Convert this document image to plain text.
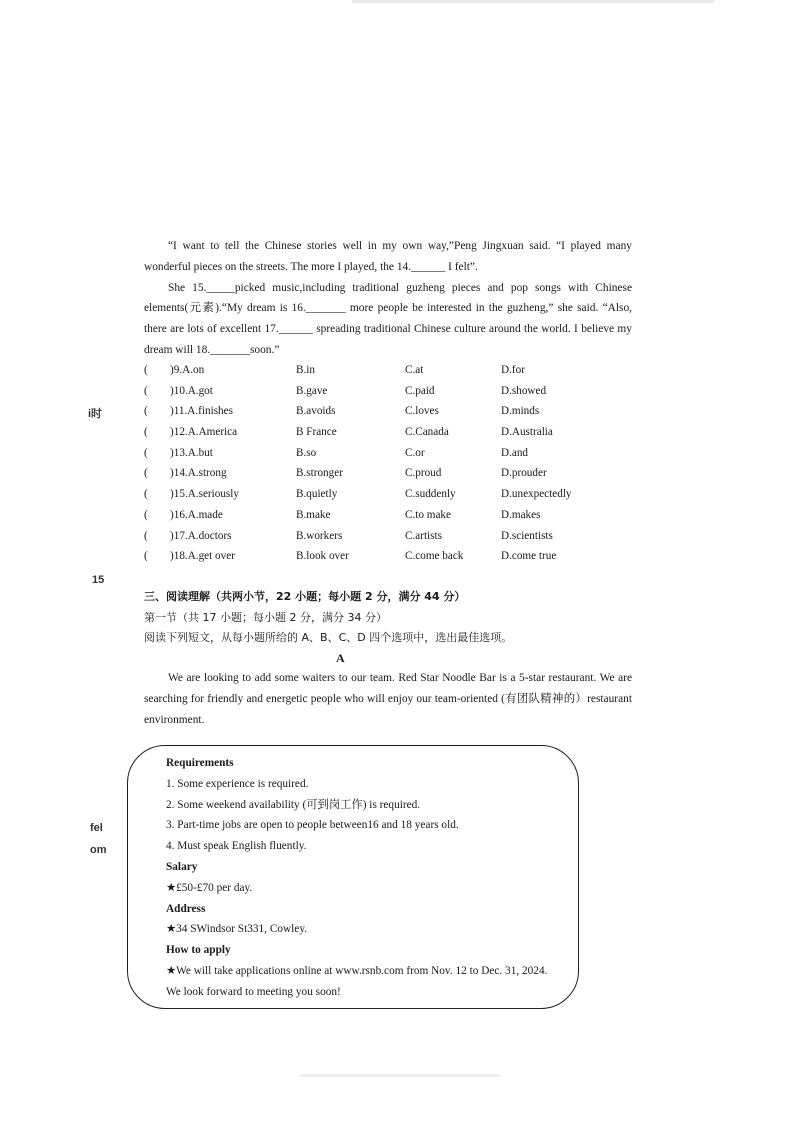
i时
15
fel
om

“I want to tell the Chinese stories well in my own way,”Peng Jingxuan said. “I played many wonderful pieces on the streets. The more I played, the 14.______ I felt”.

She 15._____picked music,including traditional guzheng pieces and pop songs with Chinese elements(元素).“My dream is 16._______ more people be interested in the guzheng,” she said. “Also, there are lots of excellent 17.______ spreading traditional Chinese culture around the world. I believe my dream will 18._______soon.”

( )9.A.on	B.in	C.at	D.for
( )10.A.got	B.gave	C.paid	D.showed
( )11.A.finishes	B.avoids	C.loves	D.minds
( )12.A.America	B France	C.Canada	D.Australia
( )13.A.but	B.so	C.or	D.and
( )14.A.strong	B.stronger	C.proud	D.prouder
( )15.A.seriously	B.quietly	C.suddenly	D.unexpectedly
( )16.A.made	B.make	C.to make	D.makes
( )17.A.doctors	B.workers	C.artists	D.scientists
( )18.A.get over	B.look over	C.come back	D.come true
三、阅读理解（共两小节，22 小题；每小题 2 分，满分 44 分）
第一节（共 17 小题；每小题 2 分，满分 34 分）
阅读下列短文，从每小题所给的 A、B、C、D 四个选项中，选出最佳选项。
A

We are looking to add some waiters to our team. Red Star Noodle Bar is a 5-star restaurant. We are searching for friendly and energetic people who will enjoy our team-oriented (有团队精神的）restaurant environment.

Requirements
1. Some experience is required.
2. Some weekend availability (可到岗工作) is required.
3. Part-time jobs are open to people between16 and 18 years old.
4. Must speak English fluently.
Salary
★£50-£70 per day.
Address
★34 SWindsor St331, Cowley.
How to apply
★We will take applications online at www.rsnb.com from Nov. 12 to Dec. 31, 2024.
We look forward to meeting you soon!
